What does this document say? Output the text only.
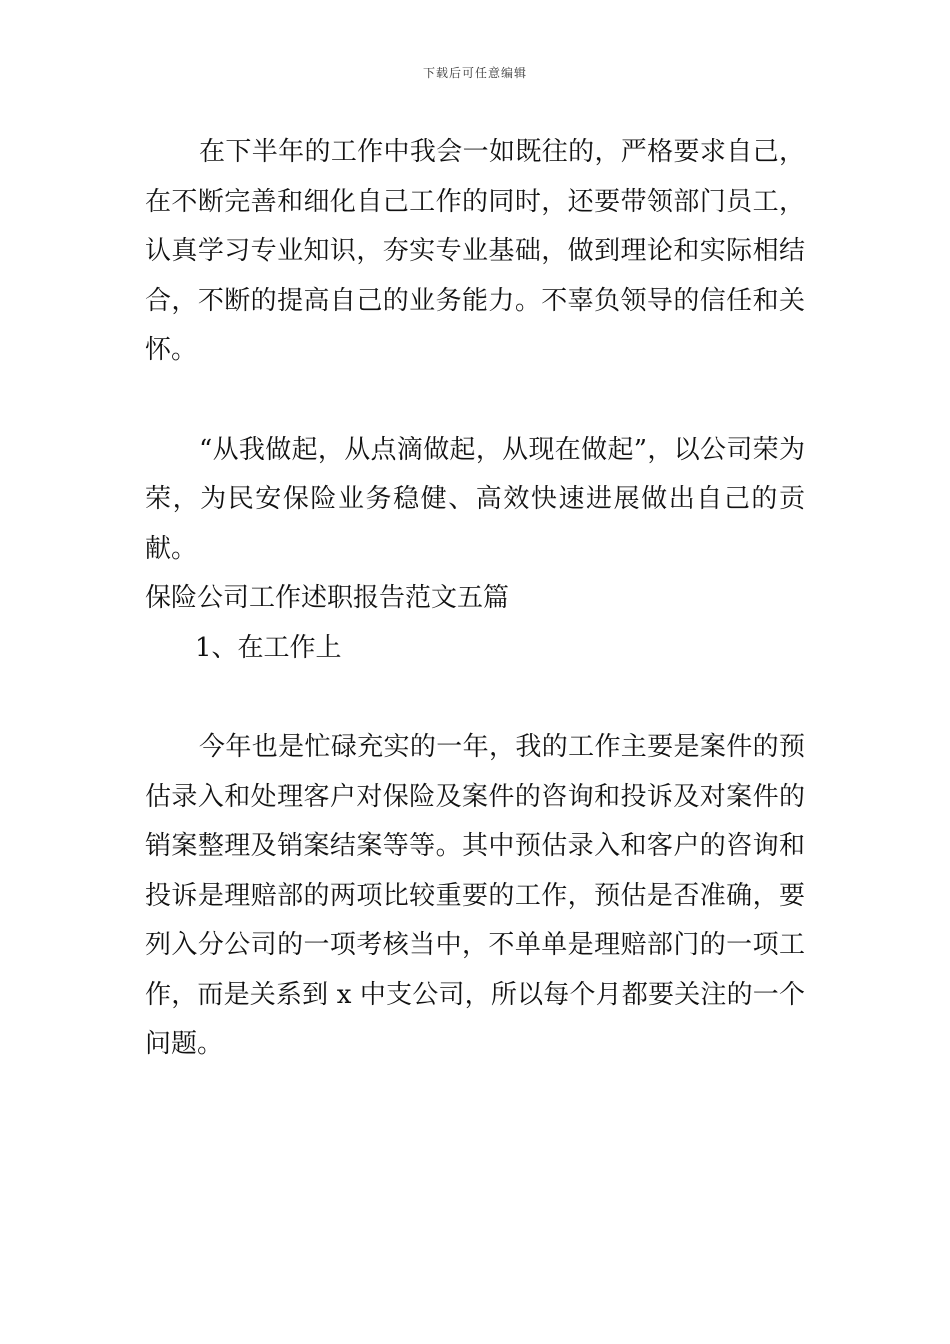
下载后可任意编辑

在下半年的工作中我会一如既往的，严格要求自己，在不断完善和细化自己工作的同时，还要带领部门员工，认真学习专业知识，夯实专业基础，做到理论和实际相结合，不断的提高自己的业务能力。不辜负领导的信任和关怀。

“从我做起，从点滴做起，从现在做起”，以公司荣为荣，为民安保险业务稳健、高效快速进展做出自己的贡献。

保险公司工作述职报告范文五篇

1、在工作上

今年也是忙碌充实的一年，我的工作主要是案件的预估录入和处理客户对保险及案件的咨询和投诉及对案件的销案整理及销案结案等等。其中预估录入和客户的咨询和投诉是理赔部的两项比较重要的工作，预估是否准确，要列入分公司的一项考核当中，不单单是理赔部门的一项工作，而是关系到 x 中支公司，所以每个月都要关注的一个问题。
